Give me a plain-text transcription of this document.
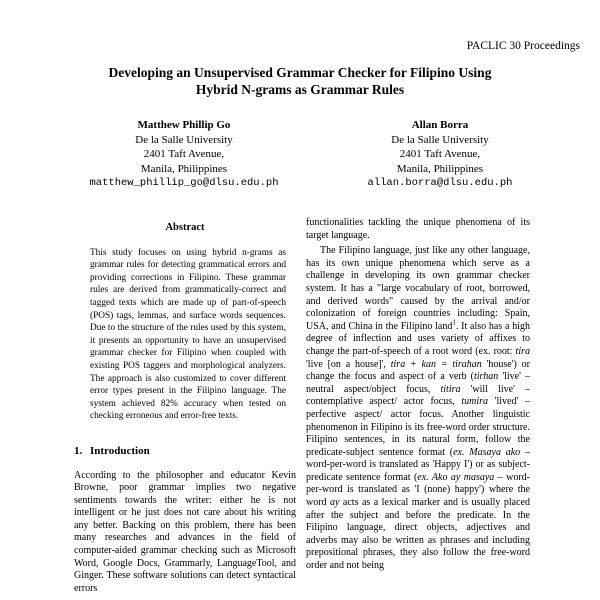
PACLIC 30 Proceedings
Developing an Unsupervised Grammar Checker for Filipino Using
Hybrid N-grams as Grammar Rules
Matthew Phillip Go
De la Salle University
2401 Taft Avenue,
Manila, Philippines
matthew_phillip_go@dlsu.edu.ph
Allan Borra
De la Salle University
2401 Taft Avenue,
Manila, Philippines
allan.borra@dlsu.edu.ph
Abstract

This study focuses on using hybrid n-grams as grammar rules for detecting grammatical errors and providing corrections in Filipino. These grammar rules are derived from grammatically-correct and tagged texts which are made up of part-of-speech (POS) tags, lemmas, and surface words sequences. Due to the structure of the rules used by this system, it presents an opportunity to have an unsupervised grammar checker for Filipino when coupled with existing POS taggers and morphological analyzers. The approach is also customized to cover different error types present in the Filipino language. The system achieved 82% accuracy when tested on checking erroneous and error-free texts.

1. Introduction

According to the philosopher and educator Kevin Browne, poor grammar implies two negative sentiments towards the writer: either he is not intelligent or he just does not care about his writing any better. Backing on this problem, there has been many researches and advances in the field of computer-aided grammar checking such as Microsoft Word, Google Docs, Grammarly, LanguageTool, and Ginger. These software solutions can detect syntactical errors

functionalities tackling the unique phenomena of its target language.

The Filipino language, just like any other language, has its own unique phenomena which serve as a challenge in developing its own grammar checker system. It has a "large vocabulary of root, borrowed, and derived words" caused by the arrival and/or colonization of foreign countries including: Spain, USA, and China in the Filipino land$^1$. It also has a high degree of inflection and uses variety of affixes to change the part-of-speech of a root word (ex. root: tira 'live [on a house]', tira + kan = tirahan 'house') or change the focus and aspect of a verb (tirhan 'live' – neutral aspect/object focus, titira 'will live' – contemplative aspect/ actor focus, tumira 'lived' – perfective aspect/ actor focus. Another linguistic phenomenon in Filipino is its free-word order structure. Filipino sentences, in its natural form, follow the predicate-subject sentence format (ex. Masaya ako – word-per-word is translated as 'Happy I') or as subject-predicate sentence format (ex. Ako ay masaya – word-per-word is translated as 'I (none) happy') where the word ay acts as a lexical marker and is usually placed after the subject and before the predicate. In the Filipino language, direct objects, adjectives and adverbs may also be written as phrases and including prepositional phrases, they also follow the free-word order and not being
